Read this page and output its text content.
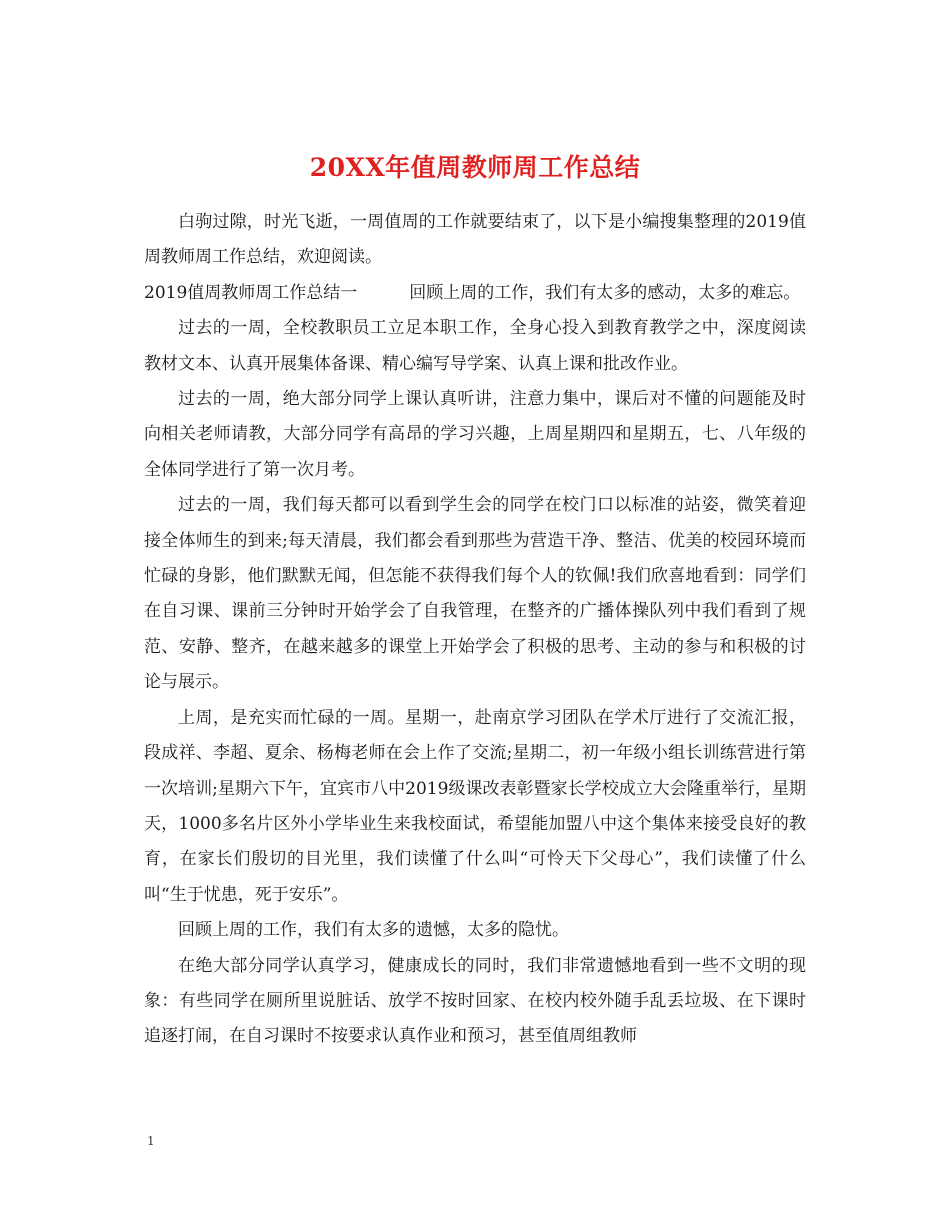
20XX年值周教师周工作总结

白驹过隙，时光飞逝，一周值周的工作就要结束了，以下是小编搜集整理的2019值周教师周工作总结，欢迎阅读。

2019值周教师周工作总结一	回顾上周的工作，我们有太多的感动，太多的难忘。

过去的一周，全校教职员工立足本职工作，全身心投入到教育教学之中，深度阅读教材文本、认真开展集体备课、精心编写导学案、认真上课和批改作业。

过去的一周，绝大部分同学上课认真听讲，注意力集中，课后对不懂的问题能及时向相关老师请教，大部分同学有高昂的学习兴趣，上周星期四和星期五，七、八年级的全体同学进行了第一次月考。

过去的一周，我们每天都可以看到学生会的同学在校门口以标准的站姿，微笑着迎接全体师生的到来;每天清晨，我们都会看到那些为营造干净、整洁、优美的校园环境而忙碌的身影，他们默默无闻，但怎能不获得我们每个人的钦佩!我们欣喜地看到：同学们在自习课、课前三分钟时开始学会了自我管理，在整齐的广播体操队列中我们看到了规范、安静、整齐，在越来越多的课堂上开始学会了积极的思考、主动的参与和积极的讨论与展示。

上周，是充实而忙碌的一周。星期一，赴南京学习团队在学术厅进行了交流汇报，段成祥、李超、夏余、杨梅老师在会上作了交流;星期二，初一年级小组长训练营进行第一次培训;星期六下午，宜宾市八中2019级课改表彰暨家长学校成立大会隆重举行，星期天，1000多名片区外小学毕业生来我校面试，希望能加盟八中这个集体来接受良好的教育，在家长们殷切的目光里，我们读懂了什么叫“可怜天下父母心”，我们读懂了什么叫“生于忧患，死于安乐”。

回顾上周的工作，我们有太多的遗憾，太多的隐忧。

在绝大部分同学认真学习，健康成长的同时，我们非常遗憾地看到一些不文明的现象：有些同学在厕所里说脏话、放学不按时回家、在校内校外随手乱丢垃圾、在下课时追逐打闹，在自习课时不按要求认真作业和预习，甚至值周组教师

1
